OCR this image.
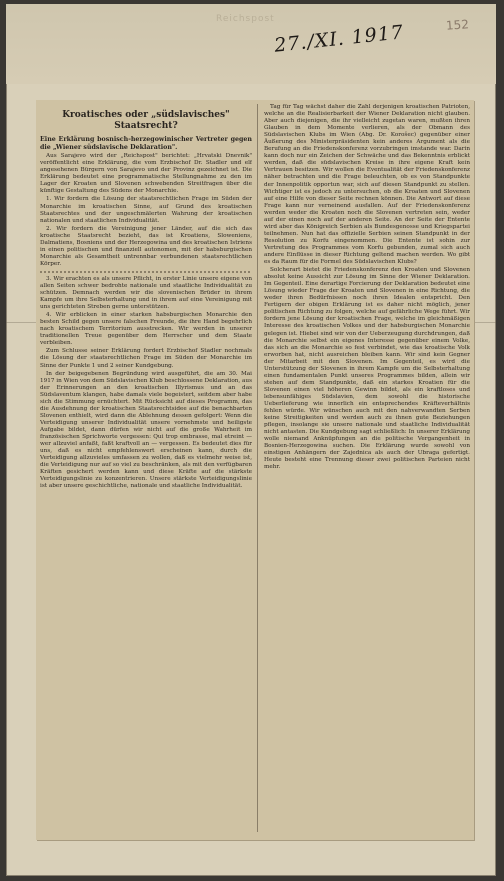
Reichspost	152
27./XI. 1917
Kroatisches oder „südslavisches" Staatsrecht?
Eine Erklärung bosnisch-herzegowinischer Vertreter gegen die „Wiener südslavische Deklaration".

Aus Sarajevo wird der „Reichspost" berichtet: „Hrvatski Dnevnik" veröffentlicht eine Erklärung, die vom Erzbischof Dr. Stadler und elf angesehenen Bürgern von Sarajevo und der Provinz gezeichnet ist. Die Erklärung bedeutet eine programmatische Stellungnahme zu den im Lager der Kroaten und Slovenen schwebenden Streitfragen über die künftige Gestaltung des Südens der Monarchie.

1. Wir fordern die Lösung der staatsrechtlichen Frage im Süden der Monarchie im kroatischen Sinne, auf Grund des kroatischen Staatsrechtes und der ungeschmälerten Wahrung der kroatischen nationalen und staatlichen Individualität.

2. Wir fordern die Vereinigung jener Länder, auf die sich das kroatische Staatsrecht bezieht, das ist Kroatiens, Sloweniens, Dalmatiens, Bosniens und der Herzegowina und des kroatischen Istriens in einen politischen und finanziell autonomen, mit der habsburgischen Monarchie als Gesamtheit untrennbar verbundenen staatsrechtlichen Körper.

3. Wir erachten es als unsere Pflicht, in erster Linie unsere eigene von allen Seiten schwer bedrohte nationale und staatliche Individualität zu schützen. Demnach werden wir die slovenischen Brüder in ihrem Kampfe um ihre Selbsterhaltung und in ihrem auf eine Vereinigung mit uns gerichteten Streben gerne unterstützen.

4. Wir erblicken in einer starken habsburgischen Monarchie den besten Schild gegen unsere falschen Freunde, die ihre Hand begehrlich nach kroatischem Territorium ausstrecken. Wir werden in unserer traditionellen Treue gegenüber dem Herrscher und dem Staate verbleiben.

Zum Schlusse seiner Erklärung fordert Erzbischof Stadler nochmals die Lösung der staatsrechtlichen Frage im Süden der Monarchie im Sinne der Punkte 1 und 2 seiner Kundgebung.

In der beigegebenen Begründung wird ausgeführt, die am 30. Mai 1917 in Wien von dem Südslavischen Klub beschlossene Deklaration, aus der Erinnerungen an den kroatischen Illyrismus und an das Südslaventum klangen, habe damals viele begeistert, seitdem aber habe sich die Stimmung ernüchtert. Mit Rücksicht auf dieses Programm, das die Ausdehnung der kroatischen Staatsrechtsidee auf die benachbarten Slovenen enthielt, wird dann die Ablehnung dessen gefolgert: Wenn die Verteidigung unserer Individualität unsere vornehmste und heiligste Aufgabe bildet, dann dürfen wir nicht auf die große Wahrheit im französischen Sprichworte vergessen: Qui trop embrasse, mal etreint — wer allzuviel anfaßt, faßt kraftvoll an — vergessen. Es bedeutet dies für uns, daß es nicht empfehlenswert erscheinen kann, durch die Verteidigung allzuvieles umfassen zu wollen, daß es vielmehr weise ist, die Verteidigung nur auf so viel zu beschränken, als mit den verfügbaren Kräften gesichert werden kann und diese Kräfte auf die stärkste Verteidigungslinie zu konzentrieren. Unsere stärkste Verteidigungslinie ist aber unsere geschichtliche, nationale und staatliche Individualität.

Tag für Tag wächst daher die Zahl derjenigen kroatischen Patrioten, welche an die Realisierbarkeit der Wiener Deklaration nicht glauben. Aber auch diejenigen, die ihr vielleicht zugetan waren, mußten ihren Glauben in dem Momente verlieren, als der Obmann des Südslavischen Klubs im Wien (Abg. Dr. Korošec) gegenüber einer Äußerung des Ministerpräsidenten kein anderes Argument als die Berufung an die Friedenskonferenz vorzubringen imstande war. Darin kann doch nur ein Zeichen der Schwäche und das Bekenntnis erblickt werden, daß die südslavischen Kreise in ihre eigene Kraft kein Vertrauen besitzen. Wir wollen die Eventualität der Friedenskonferenz näher betrachten und die Frage beleuchten, ob es von Standpunkte der Innenpolitik opportun war, sich auf diesen Standpunkt zu stellen. Wichtiger ist es jedoch zu untersuchen, ob die Kroaten und Slovenen auf eine Hilfe von dieser Seite rechnen können. Die Antwort auf diese Frage kann nur verneinend ausfallen. Auf der Friedenskonferenz werden weder die Kroaten noch die Slovenen vertreten sein, weder auf der einen noch auf der anderen Seite. An der Seite der Entente wird aber das Königreich Serbien als Bundesgenosse und Kriegspartei teilnehmen. Nun hat das offizielle Serbien seinen Standpunkt in der Resolution zu Korfu eingenommen. Die Entente ist sohin zur Vertretung des Programmes vom Korfu gebunden, zumal sich auch andere Einflüsse in dieser Richtung geltend machen werden. Wo gibt es da Raum für die Formel des Südslavischen Klubs?

Solcherart bietet die Friedenskonferenz den Kroaten und Slovenen absolut keine Aussicht zur Lösung im Sinne der Wiener Deklaration. Im Gegenteil. Eine derartige Forcierung der Deklaration bedeutet eine Lösung wieder Frage der Kroaten und Slovenen in eine Richtung, die weder ihren Bedürfnissen noch ihren Idealen entspricht. Den Fertigern der obigen Erklärung ist es daher nicht möglich, jener politischen Richtung zu folgen, welche auf gefährliche Wege führt. Wir fordern jene Lösung der kroatischen Frage, welche im gleichmäßigen Interesse des kroatischen Volkes und der habsburgischen Monarchie gelegen ist. Hiebei sind wir von der Ueberzeugung durchdrungen, daß die Monarchie selbst ein eigenes Interesse gegenüber einem Volke, das sich an die Monarchie so fest verbindet, wie das kroatische Volk erworben hat, nicht ausreichen bleiben kann. Wir sind kein Gegner der Mitarbeit mit den Slovenen. Im Gegenteil, es wird die Unterstützung der Slovenen in ihrem Kampfe um die Selbsterhaltung einen fundamentalen Punkt unseres Programmes bilden, allein wir stehen auf dem Standpunkte, daß ein starkes Kroatien für die Slovenen einen viel höheren Gewinn bildet, als ein kraftloses und lebensunfähiges Südslavien, dem sowohl die historische Ueberlieferung wie innerlich ein entsprechendes Kräfteverhältnis fehlen würde. Wir wünschen auch mit den nahverwandten Serben keine Streitigkeiten und werden auch zu ihnen gute Beziehungen pflegen, insolange sie unsere nationale und staatliche Individualität nicht antasten. Die Kundgebung sagt schließlich: In unserer Erklärung wolle niemand Anknüpfungen an die politische Vergangenheit in Bosnien-Herzegowina suchen. Die Erklärung wurde sowohl von einstigen Anhängern der Zajednica als auch der Ubraga gefertigt. Heute besteht eine Trennung dieser zwei politischen Parteien nicht mehr.
